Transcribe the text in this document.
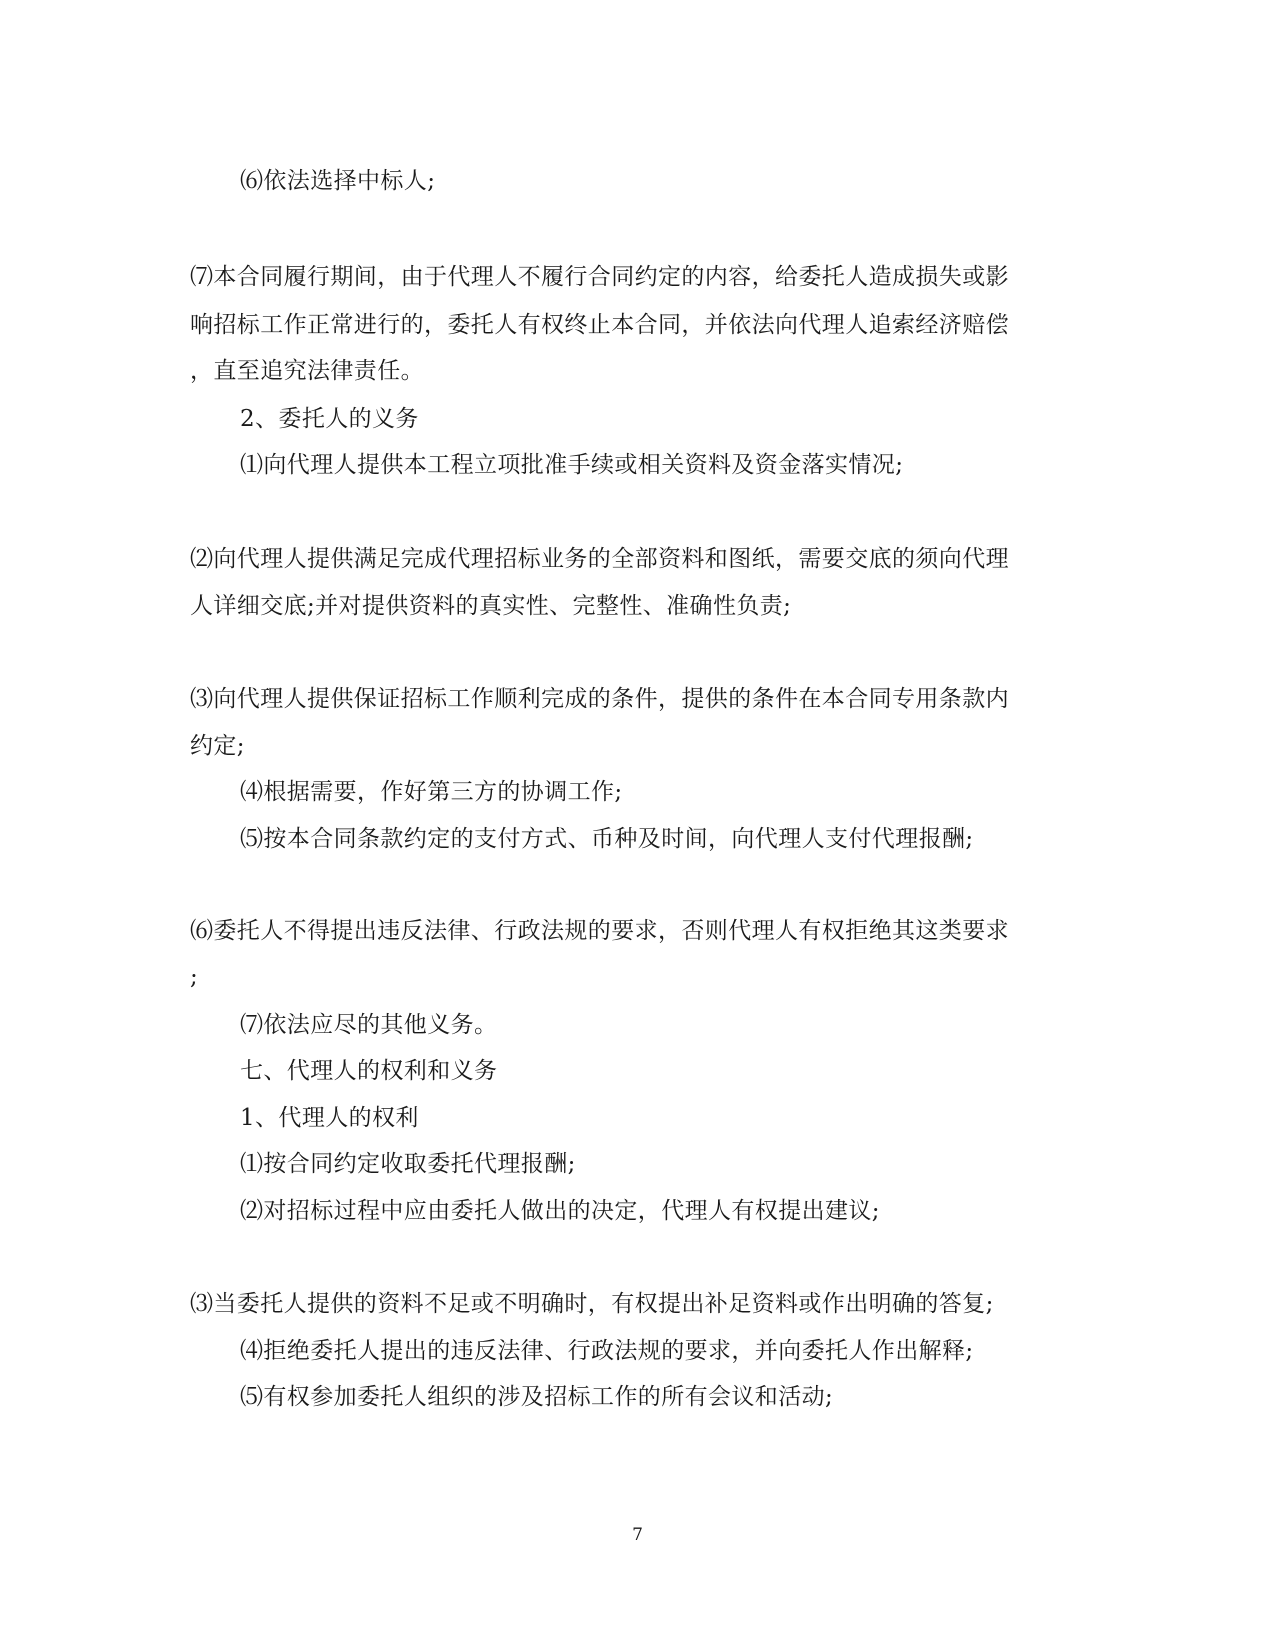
⑹依法选择中标人;
⑺本合同履行期间，由于代理人不履行合同约定的内容，给委托人造成损失或影
响招标工作正常进行的，委托人有权终止本合同，并依法向代理人追索经济赔偿
，直至追究法律责任。
2、委托人的义务
⑴向代理人提供本工程立项批准手续或相关资料及资金落实情况;
⑵向代理人提供满足完成代理招标业务的全部资料和图纸，需要交底的须向代理
人详细交底;并对提供资料的真实性、完整性、准确性负责;
⑶向代理人提供保证招标工作顺利完成的条件，提供的条件在本合同专用条款内
约定;
⑷根据需要，作好第三方的协调工作;
⑸按本合同条款约定的支付方式、币种及时间，向代理人支付代理报酬;
⑹委托人不得提出违反法律、行政法规的要求，否则代理人有权拒绝其这类要求
;
⑺依法应尽的其他义务。
七、代理人的权利和义务
1、代理人的权利
⑴按合同约定收取委托代理报酬;
⑵对招标过程中应由委托人做出的决定，代理人有权提出建议;
⑶当委托人提供的资料不足或不明确时，有权提出补足资料或作出明确的答复;
⑷拒绝委托人提出的违反法律、行政法规的要求，并向委托人作出解释;
⑸有权参加委托人组织的涉及招标工作的所有会议和活动;
7
